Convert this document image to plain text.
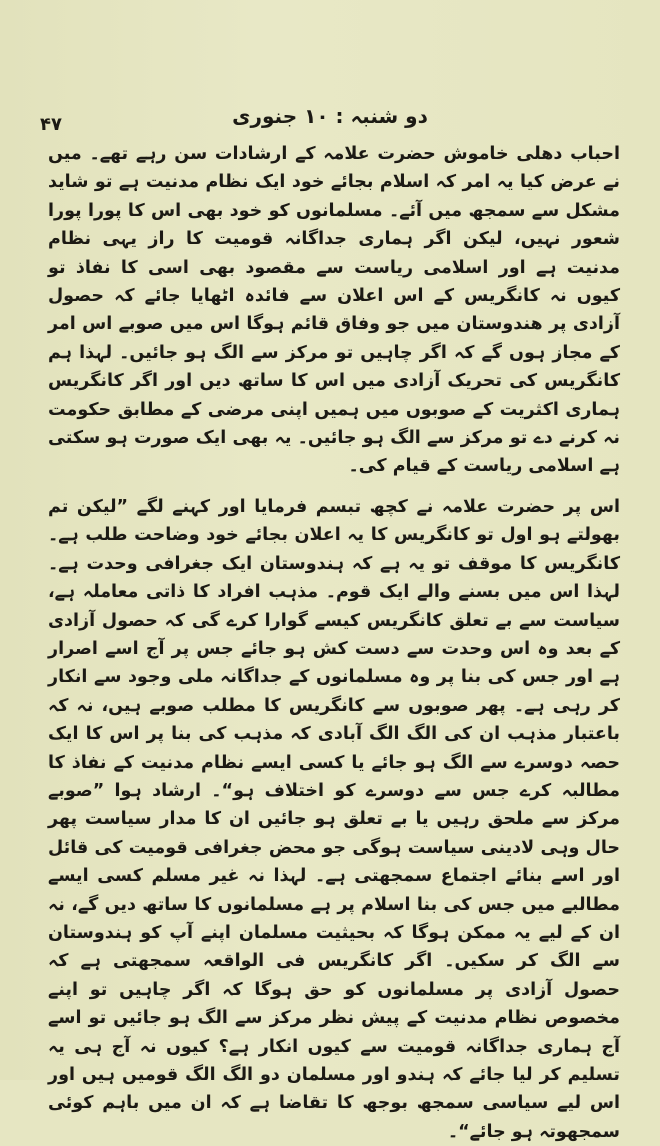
۴۷	دو شنبہ : ۱۰ جنوری

احباب دھلی خاموش حضرت علامہ کے ارشادات سن رہے تھے۔ میں نے عرض کیا یہ امر کہ اسلام بجائے خود ایک نظام مدنیت ہے تو شاید مشکل سے سمجھ میں آئے۔ مسلمانوں کو خود بھی اس کا پورا پورا شعور نہیں، لیکن اگر ہماری جداگانہ قومیت کا راز یہی نظام مدنیت ہے اور اسلامی ریاست سے مقصود بھی اسی کا نفاذ تو کیوں نہ کانگریس کے اس اعلان سے فائدہ اٹھایا جائے کہ حصول آزادی پر ھندوستان میں جو وفاق قائم ہوگا اس میں صوبے اس امر کے مجاز ہوں گے کہ اگر چاہیں تو مرکز سے الگ ہو جائیں۔ لہذا ہم کانگریس کی تحریک آزادی میں اس کا ساتھ دیں اور اگر کانگریس ہماری اکثریت کے صوبوں میں ہمیں اپنی مرضی کے مطابق حکومت نہ کرنے دے تو مرکز سے الگ ہو جائیں۔ یہ بھی ایک صورت ہو سکتی ہے اسلامی ریاست کے قیام کی۔

اس پر حضرت علامہ نے کچھ تبسم فرمایا اور کہنے لگے ”لیکن تم بھولتے ہو اول تو کانگریس کا یہ اعلان بجائے خود وضاحت طلب ہے۔ کانگریس کا موقف تو یہ ہے کہ ہندوستان ایک جغرافی وحدت ہے۔ لہذا اس میں بسنے والے ایک قوم۔ مذہب افراد کا ذاتی معاملہ ہے، سیاست سے بے تعلق کانگریس کیسے گوارا کرے گی کہ حصول آزادی کے بعد وہ اس وحدت سے دست کش ہو جائے جس پر آج اسے اصرار ہے اور جس کی بنا پر وہ مسلمانوں کے جداگانہ ملی وجود سے انکار کر رہی ہے۔ پھر صوبوں سے کانگریس کا مطلب صوبے ہیں، نہ کہ باعتبار مذہب ان کی الگ الگ آبادی کہ مذہب کی بنا پر اس کا ایک حصہ دوسرے سے الگ ہو جائے یا کسی ایسے نظام مدنیت کے نفاذ کا مطالبہ کرے جس سے دوسرے کو اختلاف ہو“۔ ارشاد ہوا ”صوبے مرکز سے ملحق رہیں یا بے تعلق ہو جائیں ان کا مدار سیاست پھر حال وہی لادینی سیاست ہوگی جو محض جغرافی قومیت کی قائل اور اسے بنائے اجتماع سمجھتی ہے۔ لہذا نہ غیر مسلم کسی ایسے مطالبے میں جس کی بنا اسلام پر ہے مسلمانوں کا ساتھ دیں گے، نہ ان کے لیے یہ ممکن ہوگا کہ بحیثیت مسلمان اپنے آپ کو ہندوستان سے الگ کر سکیں۔ اگر کانگریس فی الواقعہ سمجھتی ہے کہ حصول آزادی پر مسلمانوں کو حق ہوگا کہ اگر چاہیں تو اپنے مخصوص نظام مدنیت کے پیش نظر مرکز سے الگ ہو جائیں تو اسے آج ہماری جداگانہ قومیت سے کیوں انکار ہے؟ کیوں نہ آج ہی یہ تسلیم کر لیا جائے کہ ہندو اور مسلمان دو الگ الگ قومیں ہیں اور اس لیے سیاسی سمجھ بوجھ کا تقاضا ہے کہ ان میں باہم کوئی سمجھوتہ ہو جائے“۔
